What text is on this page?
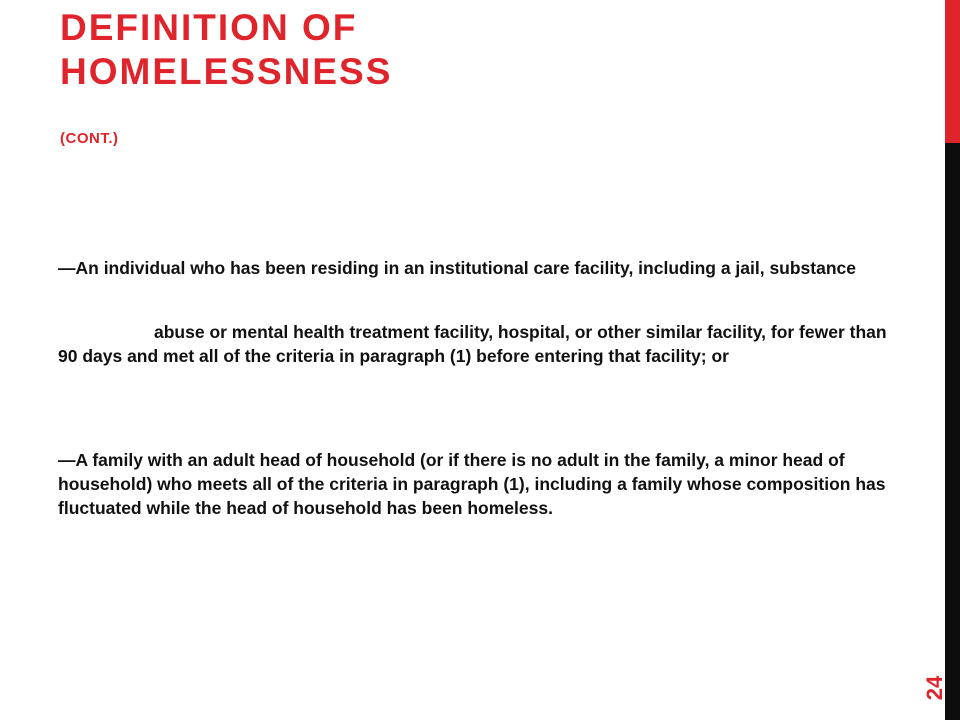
DEFINITION OF
HOMELESSNESS
(CONT.)
—An individual who has been residing in an institutional care facility, including a jail, substance
abuse or mental health treatment facility, hospital, or other similar facility, for fewer than 90 days and met all of the criteria in paragraph (1) before entering that facility; or
—A family with an adult head of household (or if there is no adult in the family, a minor head of household) who meets all of the criteria in paragraph (1), including a family whose composition has fluctuated while the head of household has been homeless.
24
